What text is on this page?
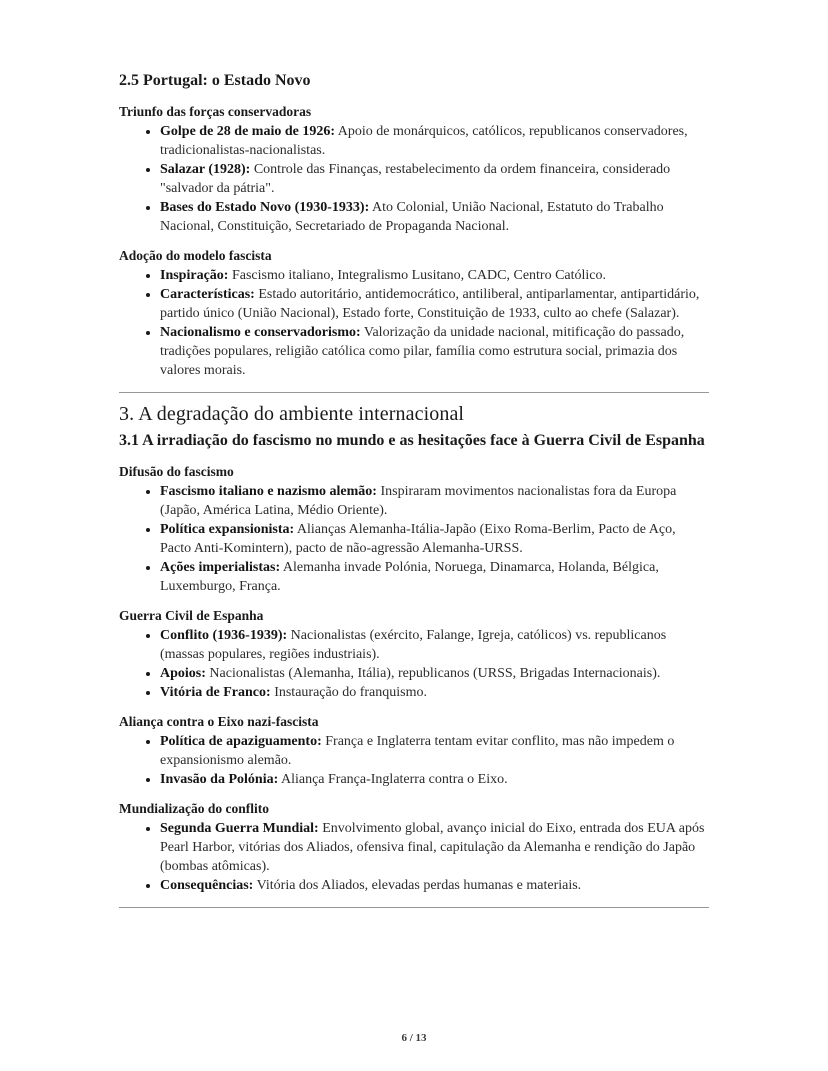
2.5 Portugal: o Estado Novo
Triunfo das forças conservadoras
• Golpe de 28 de maio de 1926: Apoio de monárquicos, católicos, republicanos conservadores, tradicionalistas-nacionalistas.
• Salazar (1928): Controle das Finanças, restabelecimento da ordem financeira, considerado "salvador da pátria".
• Bases do Estado Novo (1930-1933): Ato Colonial, União Nacional, Estatuto do Trabalho Nacional, Constituição, Secretariado de Propaganda Nacional.
Adoção do modelo fascista
• Inspiração: Fascismo italiano, Integralismo Lusitano, CADC, Centro Católico.
• Características: Estado autoritário, antidemocrático, antiliberal, antiparlamentar, antipartidário, partido único (União Nacional), Estado forte, Constituição de 1933, culto ao chefe (Salazar).
• Nacionalismo e conservadorismo: Valorização da unidade nacional, mitificação do passado, tradições populares, religião católica como pilar, família como estrutura social, primazia dos valores morais.
3. A degradação do ambiente internacional
3.1 A irradiação do fascismo no mundo e as hesitações face à Guerra Civil de Espanha
Difusão do fascismo
• Fascismo italiano e nazismo alemão: Inspiraram movimentos nacionalistas fora da Europa (Japão, América Latina, Médio Oriente).
• Política expansionista: Alianças Alemanha-Itália-Japão (Eixo Roma-Berlim, Pacto de Aço, Pacto Anti-Komintern), pacto de não-agressão Alemanha-URSS.
• Ações imperialistas: Alemanha invade Polónia, Noruega, Dinamarca, Holanda, Bélgica, Luxemburgo, França.
Guerra Civil de Espanha
• Conflito (1936-1939): Nacionalistas (exército, Falange, Igreja, católicos) vs. republicanos (massas populares, regiões industriais).
• Apoios: Nacionalistas (Alemanha, Itália), republicanos (URSS, Brigadas Internacionais).
• Vitória de Franco: Instauração do franquismo.
Aliança contra o Eixo nazi-fascista
• Política de apaziguamento: França e Inglaterra tentam evitar conflito, mas não impedem o expansionismo alemão.
• Invasão da Polónia: Aliança França-Inglaterra contra o Eixo.
Mundialização do conflito
• Segunda Guerra Mundial: Envolvimento global, avanço inicial do Eixo, entrada dos EUA após Pearl Harbor, vitórias dos Aliados, ofensiva final, capitulação da Alemanha e rendição do Japão (bombas atômicas).
• Consequências: Vitória dos Aliados, elevadas perdas humanas e materiais.
6 / 13
